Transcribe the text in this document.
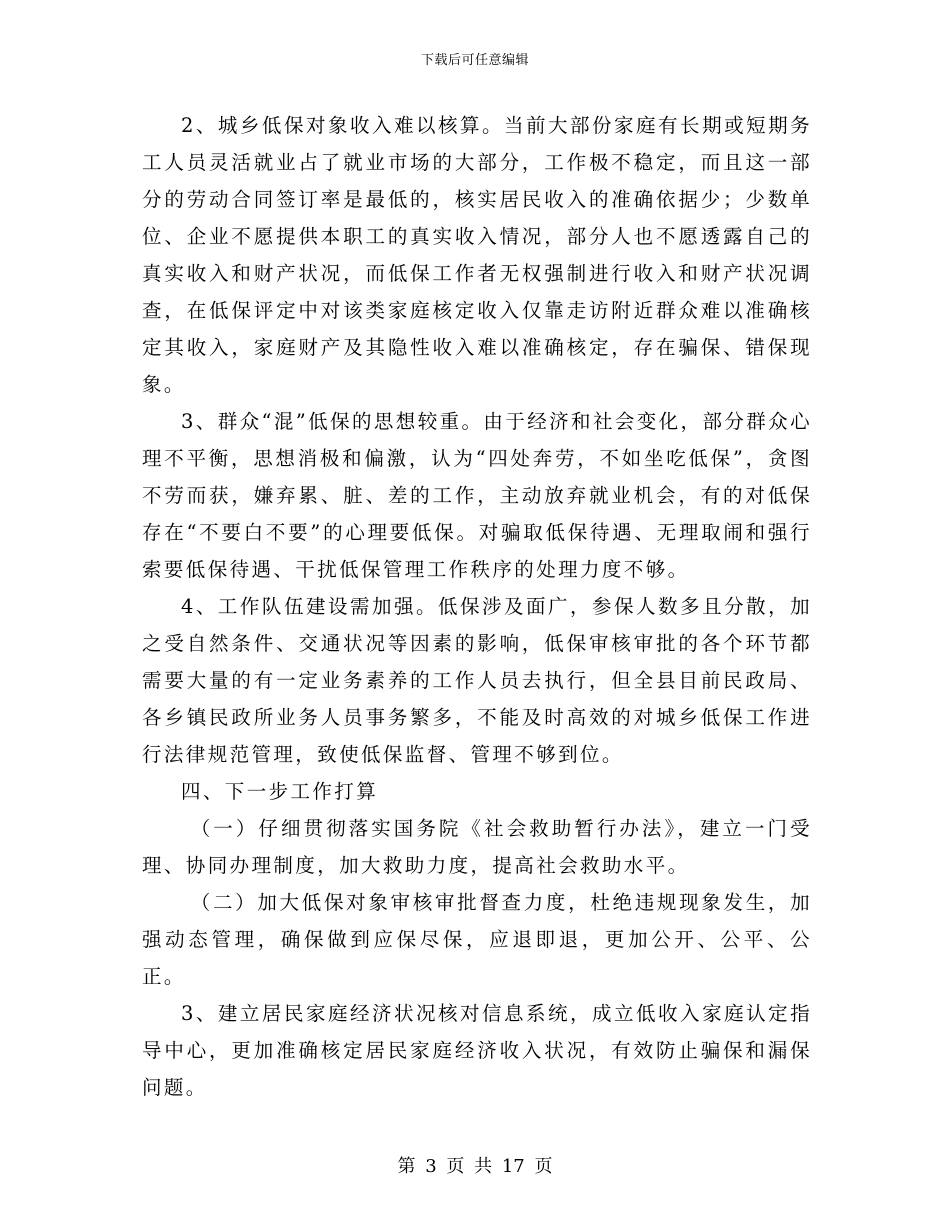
下载后可任意编辑

2、城乡低保对象收入难以核算。当前大部份家庭有长期或短期务工人员灵活就业占了就业市场的大部分，工作极不稳定，而且这一部分的劳动合同签订率是最低的，核实居民收入的准确依据少；少数单位、企业不愿提供本职工的真实收入情况，部分人也不愿透露自己的真实收入和财产状况，而低保工作者无权强制进行收入和财产状况调查，在低保评定中对该类家庭核定收入仅靠走访附近群众难以准确核定其收入，家庭财产及其隐性收入难以准确核定，存在骗保、错保现象。

3、群众“混”低保的思想较重。由于经济和社会变化，部分群众心理不平衡，思想消极和偏激，认为“四处奔劳，不如坐吃低保”，贪图不劳而获，嫌弃累、脏、差的工作，主动放弃就业机会，有的对低保存在“不要白不要”的心理要低保。对骗取低保待遇、无理取闹和强行索要低保待遇、干扰低保管理工作秩序的处理力度不够。

4、工作队伍建设需加强。低保涉及面广，参保人数多且分散，加之受自然条件、交通状况等因素的影响，低保审核审批的各个环节都需要大量的有一定业务素养的工作人员去执行，但全县目前民政局、各乡镇民政所业务人员事务繁多，不能及时高效的对城乡低保工作进行法律规范管理，致使低保监督、管理不够到位。

四、下一步工作打算

（一）仔细贯彻落实国务院《社会救助暂行办法》，建立一门受理、协同办理制度，加大救助力度，提高社会救助水平。

（二）加大低保对象审核审批督查力度，杜绝违规现象发生，加强动态管理，确保做到应保尽保，应退即退，更加公开、公平、公正。

3、建立居民家庭经济状况核对信息系统，成立低收入家庭认定指导中心，更加准确核定居民家庭经济收入状况，有效防止骗保和漏保问题。

第 3 页 共 17 页
